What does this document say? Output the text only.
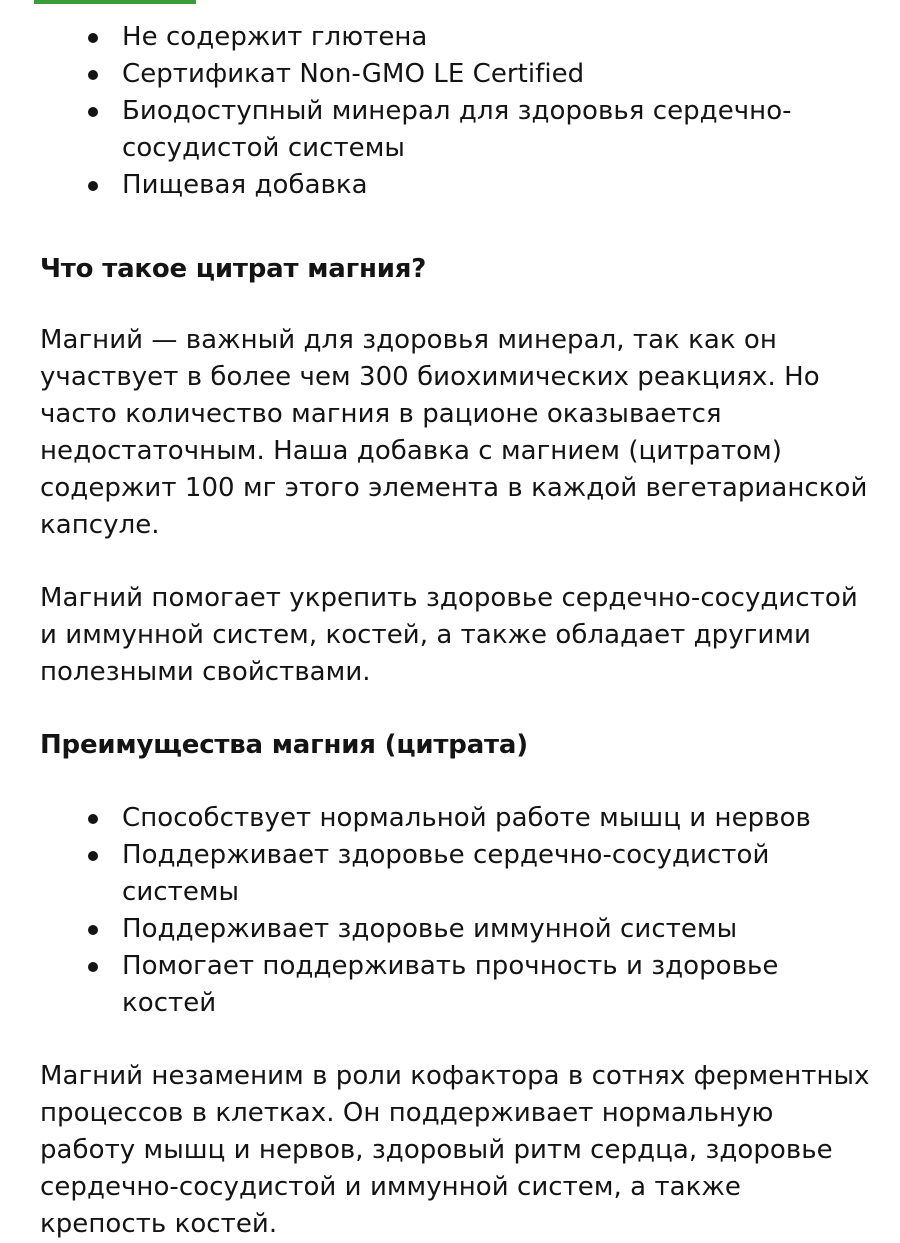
Не содержит глютена
Сертификат Non-GMO LE Certified
Биодоступный минерал для здоровья сердечно-сосудистой системы
Пищевая добавка
Что такое цитрат магния?

Магний — важный для здоровья минерал, так как он участвует в более чем 300 биохимических реакциях. Но часто количество магния в рационе оказывается недостаточным. Наша добавка с магнием (цитратом) содержит 100 мг этого элемента в каждой вегетарианской капсуле.

Магний помогает укрепить здоровье сердечно-сосудистой и иммунной систем, костей, а также обладает другими полезными свойствами.

Преимущества магния (цитрата)
Способствует нормальной работе мышц и нервов
Поддерживает здоровье сердечно-сосудистой системы
Поддерживает здоровье иммунной системы
Помогает поддерживать прочность и здоровье костей

Магний незаменим в роли кофактора в сотнях ферментных процессов в клетках. Он поддерживает нормальную работу мышц и нервов, здоровый ритм сердца, здоровье сердечно-сосудистой и иммунной систем, а также крепость костей.
